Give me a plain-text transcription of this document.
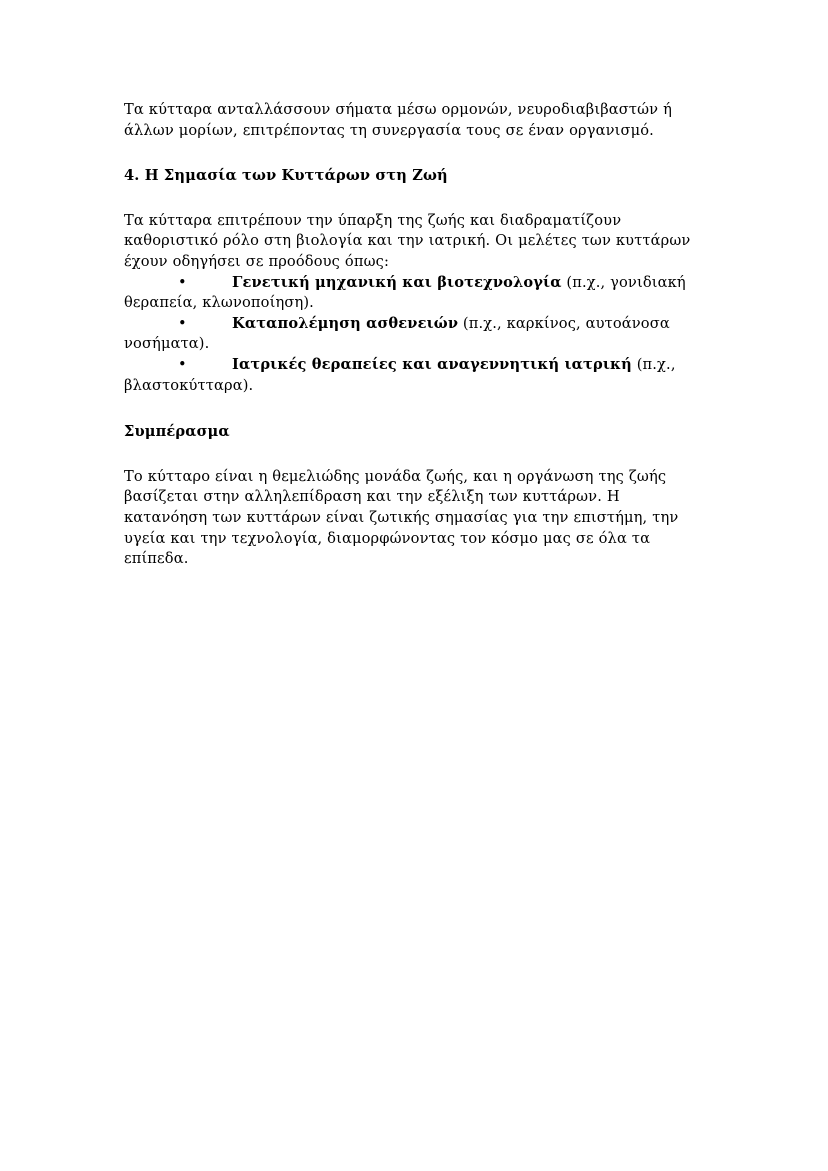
Τα κύτταρα ανταλλάσσουν σήματα μέσω ορμονών, νευροδιαβιβαστών ή άλλων μορίων, επιτρέποντας τη συνεργασία τους σε έναν οργανισμό.

4. Η Σημασία των Κυττάρων στη Ζωή

Τα κύτταρα επιτρέπουν την ύπαρξη της ζωής και διαδραματίζουν καθοριστικό ρόλο στη βιολογία και την ιατρική. Οι μελέτες των κυττάρων έχουν οδηγήσει σε προόδους όπως:

•	Γενετική μηχανική και βιοτεχνολογία (π.χ., γονιδιακή θεραπεία, κλωνοποίηση).
•	Καταπολέμηση ασθενειών (π.χ., καρκίνος, αυτοάνοσα νοσήματα).
•	Ιατρικές θεραπείες και αναγεννητική ιατρική (π.χ., βλαστοκύτταρα).
Συμπέρασμα

Το κύτταρο είναι η θεμελιώδης μονάδα ζωής, και η οργάνωση της ζωής βασίζεται στην αλληλεπίδραση και την εξέλιξη των κυττάρων. Η κατανόηση των κυττάρων είναι ζωτικής σημασίας για την επιστήμη, την υγεία και την τεχνολογία, διαμορφώνοντας τον κόσμο μας σε όλα τα επίπεδα.
